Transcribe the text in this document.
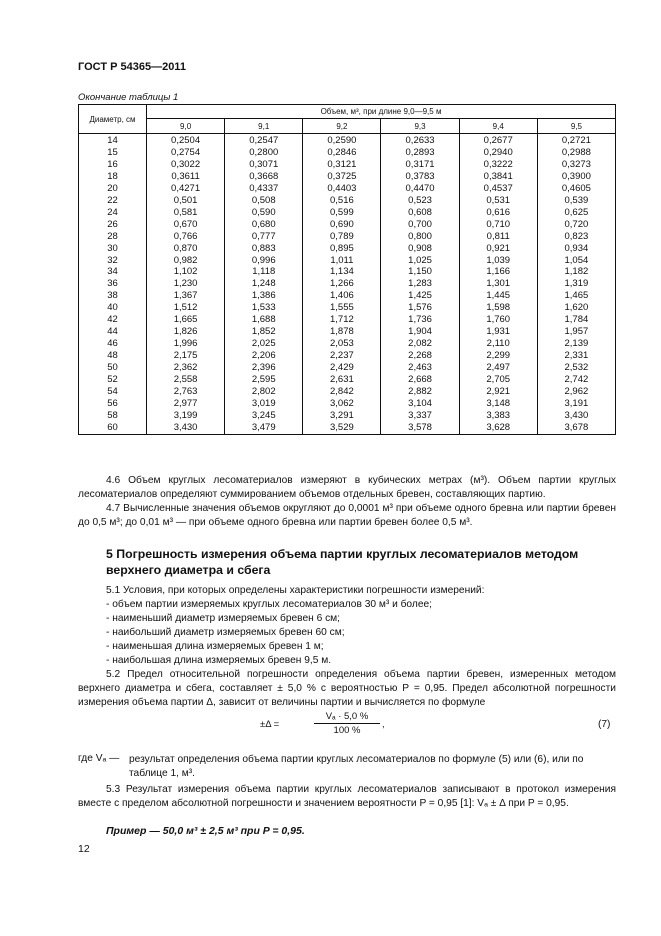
ГОСТ Р 54365—2011
Окончание таблицы 1
Диаметр, см	Объем, м³, при длине 9,0—9,5 м					
	9,0	9,1	9,2	9,3	9,4	9,5
14	0,2504	0,2547	0,2590	0,2633	0,2677	0,2721
15	0,2754	0,2800	0,2846	0,2893	0,2940	0,2988
16	0,3022	0,3071	0,3121	0,3171	0,3222	0,3273
18	0,3611	0,3668	0,3725	0,3783	0,3841	0,3900
20	0,4271	0,4337	0,4403	0,4470	0,4537	0,4605
22	0,501	0,508	0,516	0,523	0,531	0,539
24	0,581	0,590	0,599	0,608	0,616	0,625
26	0,670	0,680	0,690	0,700	0,710	0,720
28	0,766	0,777	0,789	0,800	0,811	0,823
30	0,870	0,883	0,895	0,908	0,921	0,934
32	0,982	0,996	1,011	1,025	1,039	1,054
34	1,102	1,118	1,134	1,150	1,166	1,182
36	1,230	1,248	1,266	1,283	1,301	1,319
38	1,367	1,386	1,406	1,425	1,445	1,465
40	1,512	1,533	1,555	1,576	1,598	1,620
42	1,665	1,688	1,712	1,736	1,760	1,784
44	1,826	1,852	1,878	1,904	1,931	1,957
46	1,996	2,025	2,053	2,082	2,110	2,139
48	2,175	2,206	2,237	2,268	2,299	2,331
50	2,362	2,396	2,429	2,463	2,497	2,532
52	2,558	2,595	2,631	2,668	2,705	2,742
54	2,763	2,802	2,842	2,882	2,921	2,962
56	2,977	3,019	3,062	3,104	3,148	3,191
58	3,199	3,245	3,291	3,337	3,383	3,430
60	3,430	3,479	3,529	3,578	3,628	3,678
4.6 Объем круглых лесоматериалов измеряют в кубических метрах (м³). Объем партии круглых лесоматериалов определяют суммированием объемов отдельных бревен, составляющих партию.
4.7 Вычисленные значения объемов округляют до 0,0001 м³ при объеме одного бревна или партии бревен до 0,5 м³; до 0,01 м³ — при объеме одного бревна или партии бревен более 0,5 м³.
5 Погрешность измерения объема партии круглых лесоматериалов методом верхнего диаметра и сбега
5.1 Условия, при которых определены характеристики погрешности измерений:
- объем партии измеряемых круглых лесоматериалов 30 м³ и более;
- наименьший диаметр измеряемых бревен 6 см;
- наибольший диаметр измеряемых бревен 60 см;
- наименьшая длина измеряемых бревен 1 м;
- наибольшая длина измеряемых бревен 9,5 м.
5.2 Предел относительной погрешности определения объема партии бревен, измеренных методом верхнего диаметра и сбега, составляет ± 5,0 % с вероятностью P = 0,95. Предел абсолютной погрешности измерения объема партии Δ, зависит от величины партии и вычисляется по формуле
±Δ =	$\frac{\text{Vₐ · 5,0 \%}}{100 \%}$ ,	(7)
где Vₐ — результат определения объема партии круглых лесоматериалов по формуле (5) или (6), или по таблице 1, м³.
5.3 Результат измерения объема партии круглых лесоматериалов записывают в протокол измерения вместе с пределом абсолютной погрешности и значением вероятности P = 0,95 [1]: Vₐ ± Δ при P = 0,95.
Пример — 50,0 м³ ± 2,5 м³ при P = 0,95.
12
